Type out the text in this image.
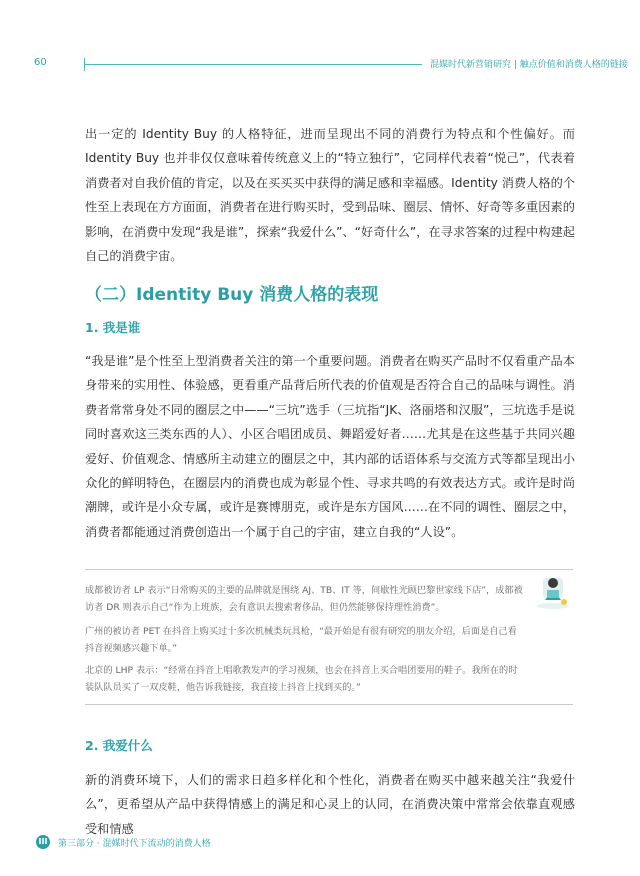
60	混媒时代新营销研究 | 触点价值和消费人格的链接

出一定的 Identity Buy 的人格特征，进而呈现出不同的消费行为特点和个性偏好。而 Identity Buy 也并非仅仅意味着传统意义上的“特立独行”，它同样代表着“悦己”，代表着消费者对自我价值的肯定，以及在买买买中获得的满足感和幸福感。Identity 消费人格的个性至上表现在方方面面，消费者在进行购买时，受到品味、圈层、情怀、好奇等多重因素的影响，在消费中发现“我是谁”，探索“我爱什么”、“好奇什么”，在寻求答案的过程中构建起自己的消费宇宙。

（二）Identity Buy 消费人格的表现
1. 我是谁

“我是谁”是个性至上型消费者关注的第一个重要问题。消费者在购买产品时不仅看重产品本身带来的实用性、体验感，更看重产品背后所代表的价值观是否符合自己的品味与调性。消费者常常身处不同的圈层之中——“三坑”选手（三坑指“JK、洛丽塔和汉服”，三坑选手是说同时喜欢这三类东西的人）、小区合唱团成员、舞蹈爱好者……尤其是在这些基于共同兴趣爱好、价值观念、情感所主动建立的圈层之中，其内部的话语体系与交流方式等都呈现出小众化的鲜明特色，在圈层内的消费也成为彰显个性、寻求共鸣的有效表达方式。或许是时尚潮牌，或许是小众专属，或许是赛博朋克，或许是东方国风……在不同的调性、圈层之中，消费者都能通过消费创造出一个属于自己的宇宙，建立自我的“人设”。

成都被访者 LP 表示“日常购买的主要的品牌就是围绕 AJ、TB、IT 等，间歇性光顾巴黎世家线下店”，成都被访者 DR 则表示自己“作为上班族，会有意识去搜索奢侈品，但仍然能够保持理性消费”。

广州的被访者 PET 在抖音上购买过十多次机械类玩具枪，“最开始是有很有研究的朋友介绍，后面是自己看抖音视频感兴趣下单。”

北京的 LHP 表示：“经常在抖音上唱歌教发声的学习视频，也会在抖音上买合唱团要用的鞋子。我所在的时装队队员买了一双皮鞋，他告诉我链接，我直接上抖音上找到买的。”

2. 我爱什么

新的消费环境下，人们的需求日趋多样化和个性化，消费者在购买中越来越关注“我爱什么”，更希望从产品中获得情感上的满足和心灵上的认同，在消费决策中常常会依靠直观感受和情感

III 第三部分 · 混媒时代下流动的消费人格
